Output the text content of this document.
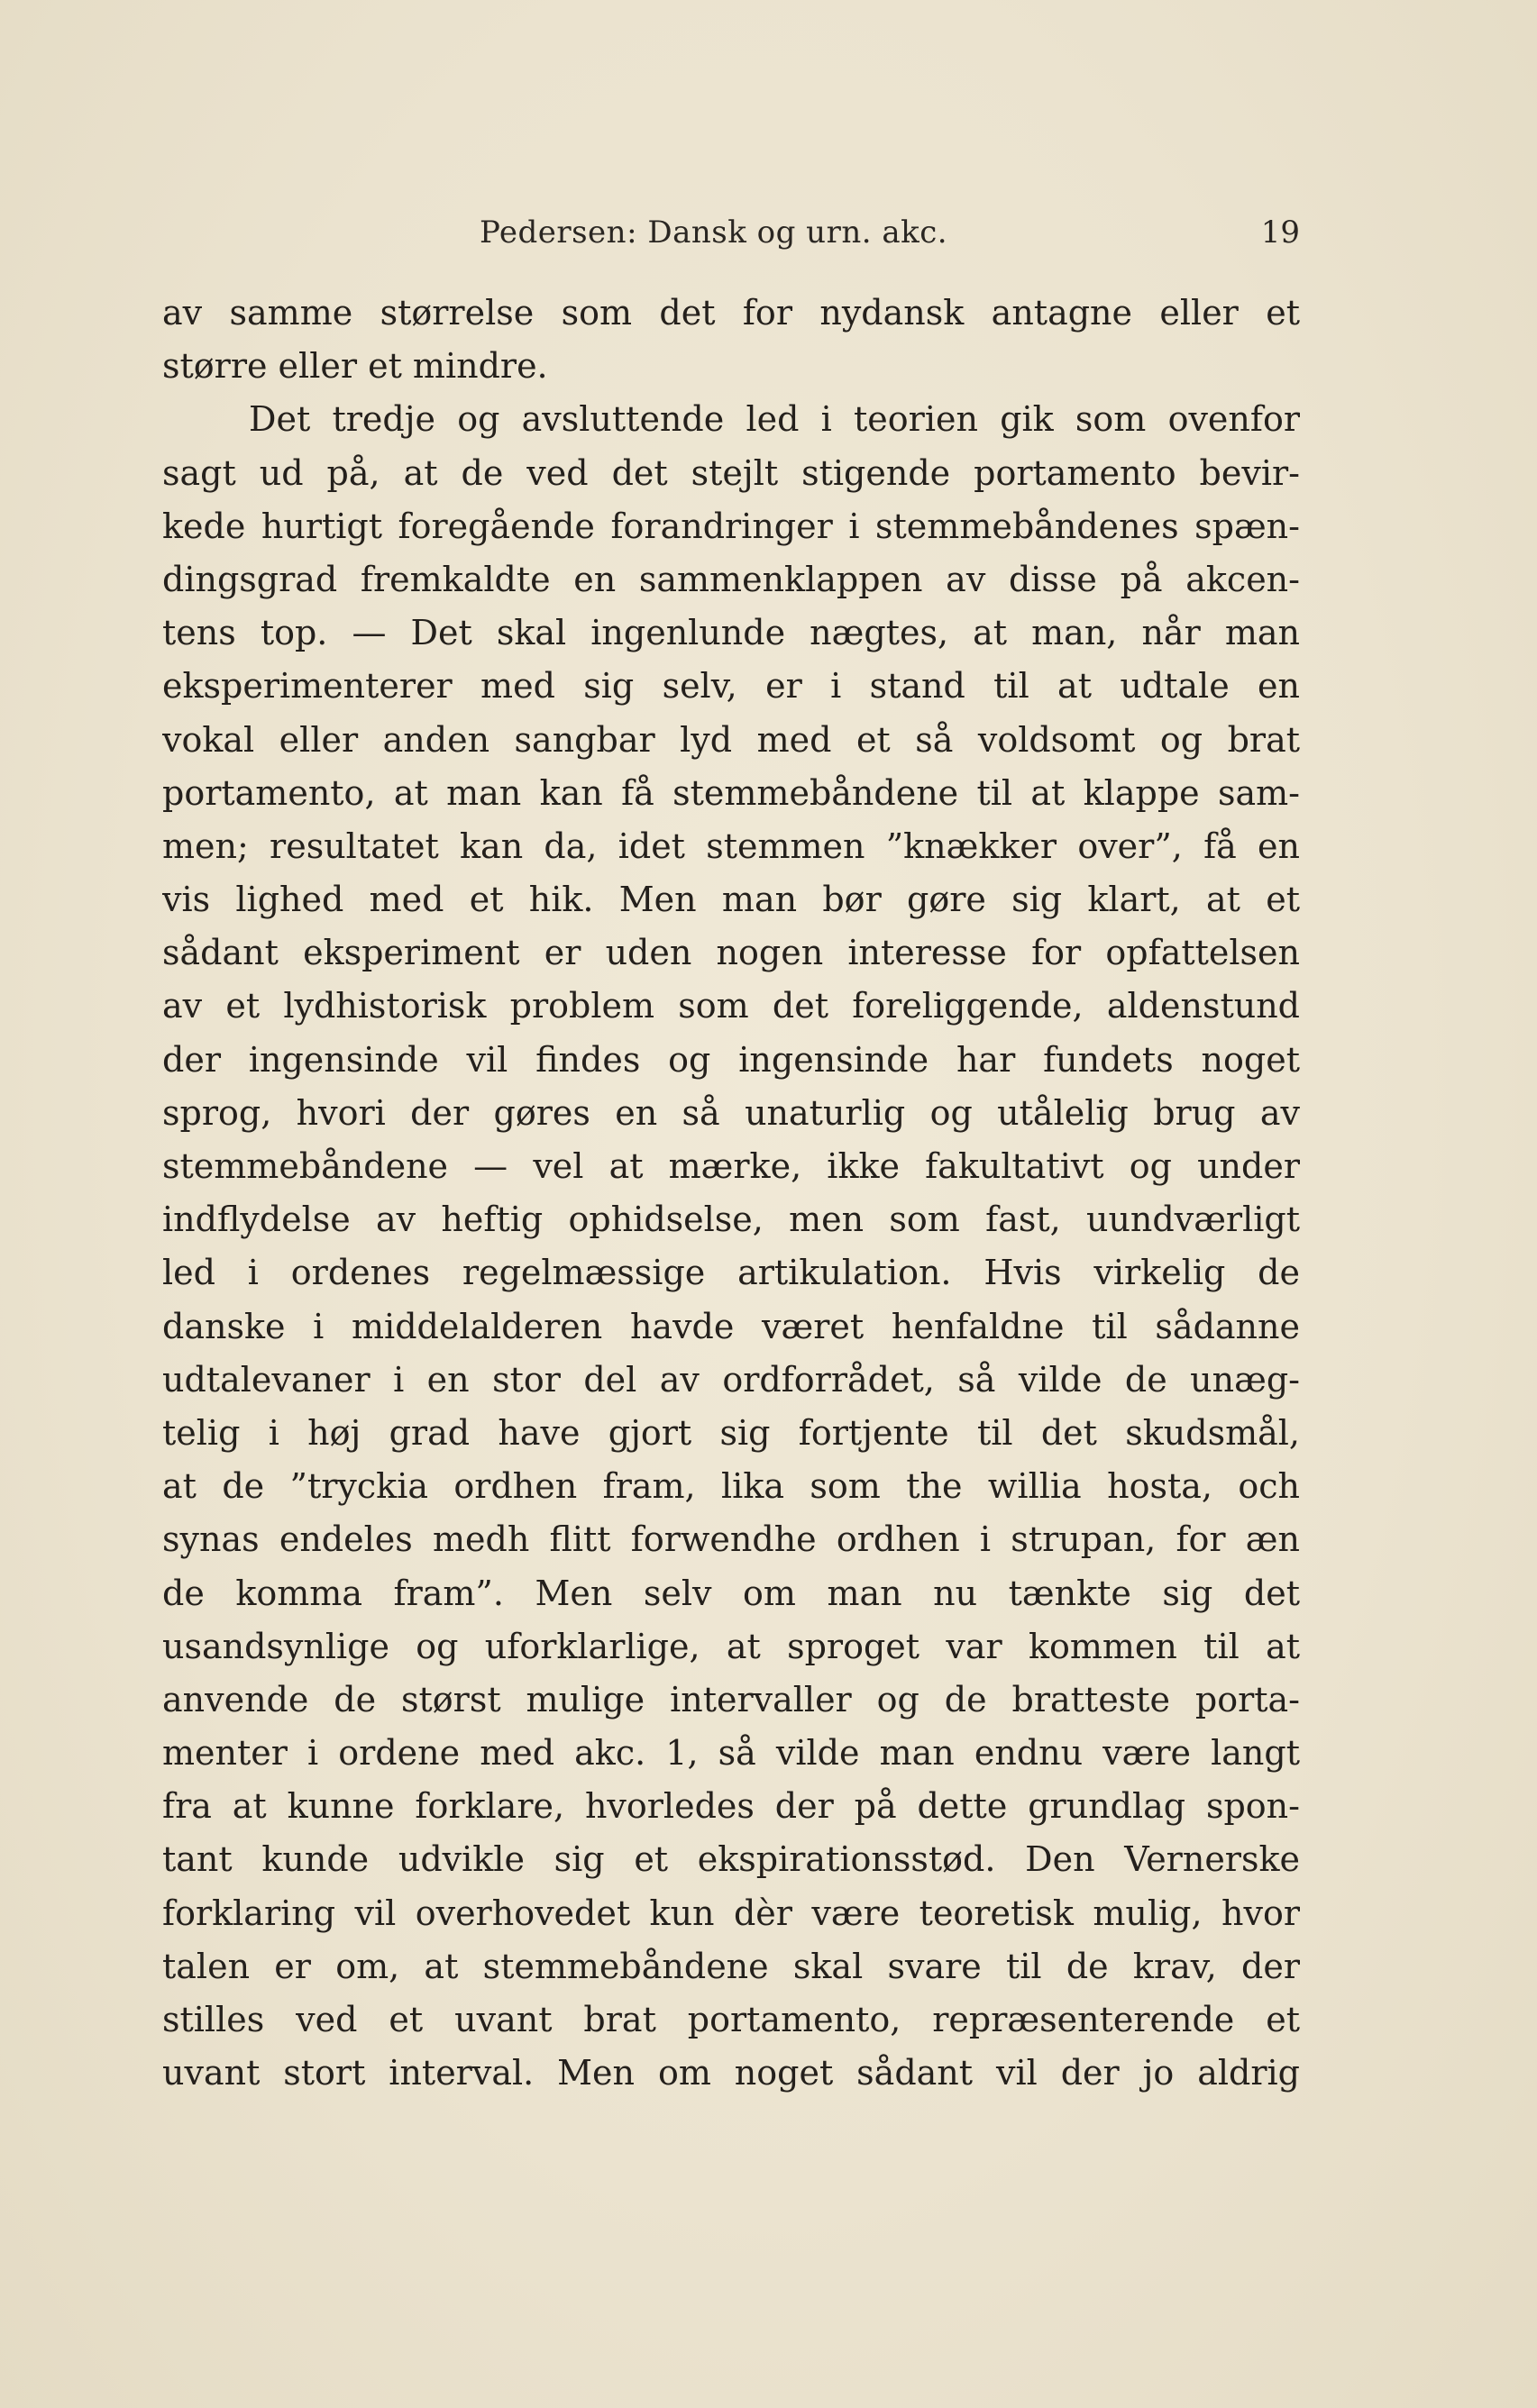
Pedersen: Dansk og urn. akc.	19
av samme størrelse som det for nydansk antagne eller et
større eller et mindre.
Det tredje og avsluttende led i teorien gik som ovenfor
sagt ud på, at de ved det stejlt stigende portamento bevir-
kede hurtigt foregående forandringer i stemmebåndenes spæn-
dingsgrad fremkaldte en sammenklappen av disse på akcen-
tens top. — Det skal ingenlunde nægtes, at man, når man
eksperimenterer med sig selv, er i stand til at udtale en
vokal eller anden sangbar lyd med et så voldsomt og brat
portamento, at man kan få stemmebåndene til at klappe sam-
men; resultatet kan da, idet stemmen ”knækker over”, få en
vis lighed med et hik. Men man bør gøre sig klart, at et
sådant eksperiment er uden nogen interesse for opfattelsen
av et lydhistorisk problem som det foreliggende, aldenstund
der ingensinde vil findes og ingensinde har fundets noget
sprog, hvori der gøres en så unaturlig og utålelig brug av
stemmebåndene — vel at mærke, ikke fakultativt og under
indflydelse av heftig ophidselse, men som fast, uundværligt
led i ordenes regelmæssige artikulation. Hvis virkelig de
danske i middelalderen havde været henfaldne til sådanne
udtalevaner i en stor del av ordforrådet, så vilde de unæg-
telig i høj grad have gjort sig fortjente til det skudsmål,
at de ”tryckia ordhen fram, lika som the willia hosta, och
synas endeles medh flitt forwendhe ordhen i strupan, for æn
de komma fram”. Men selv om man nu tænkte sig det
usandsynlige og uforklarlige, at sproget var kommen til at
anvende de størst mulige intervaller og de bratteste porta-
menter i ordene med akc. 1, så vilde man endnu være langt
fra at kunne forklare, hvorledes der på dette grundlag spon-
tant kunde udvikle sig et ekspirationsstød. Den Vernerske
forklaring vil overhovedet kun dèr være teoretisk mulig, hvor
talen er om, at stemmebåndene skal svare til de krav, der
stilles ved et uvant brat portamento, repræsenterende et
uvant stort interval. Men om noget sådant vil der jo aldrig
